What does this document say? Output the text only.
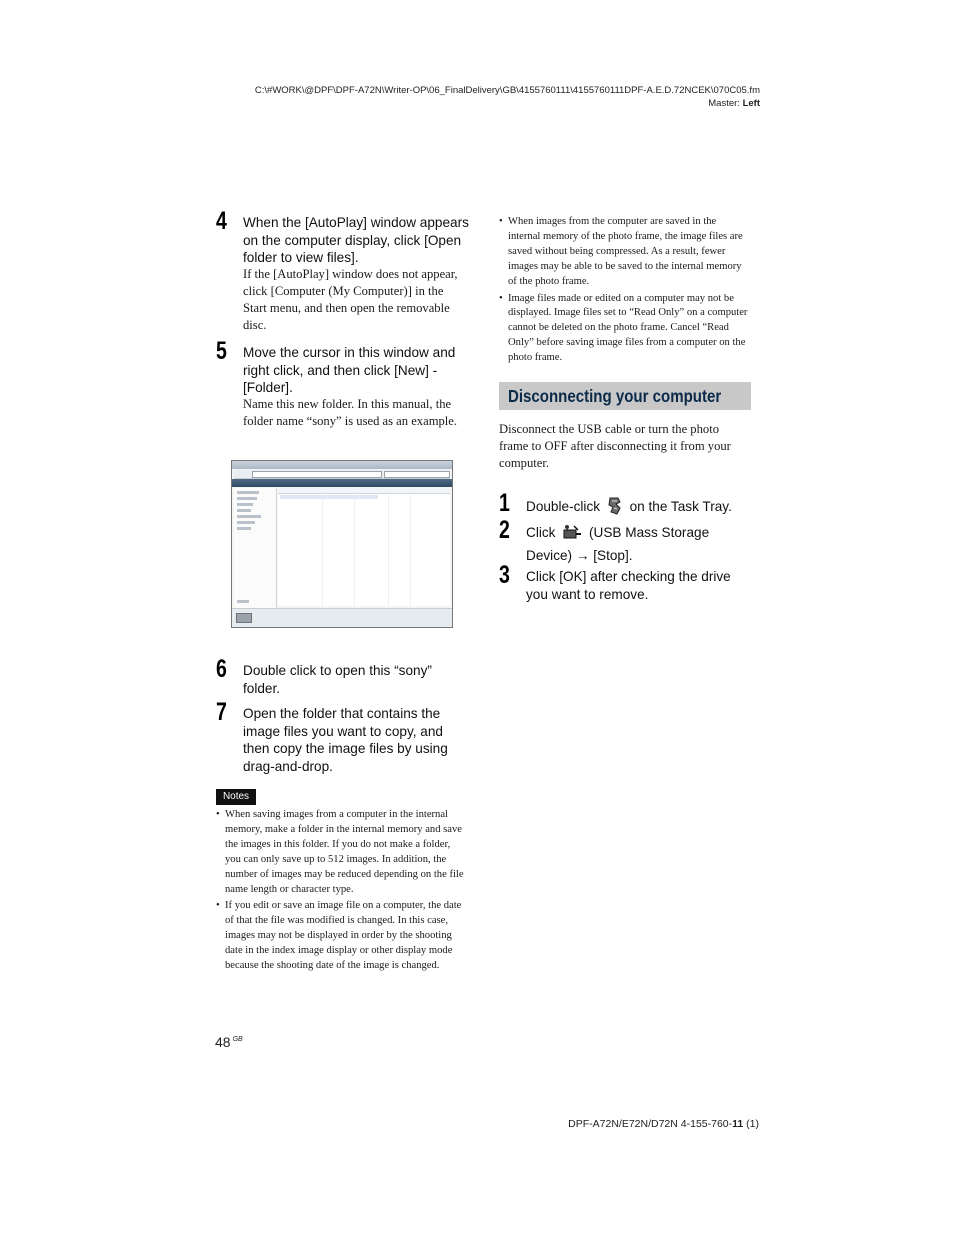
C:\#WORK\@DPF\DPF-A72N\Writer-OP\06_FinalDelivery\GB\4155760111\4155760111DPF-A.E.D.72NCEK\070C05.fm
Master: Left
4 When the [AutoPlay] window appears on the computer display, click [Open folder to view files].
If the [AutoPlay] window does not appear, click [Computer (My Computer)] in the Start menu, and then open the removable disc.
5 Move the cursor in this window and right click, and then click [New] - [Folder].
Name this new folder. In this manual, the folder name “sony” is used as an example.
6 Double click to open this “sony” folder.
7 Open the folder that contains the image files you want to copy, and then copy the image files by using drag-and-drop.
Notes
• When saving images from a computer in the internal memory, make a folder in the internal memory and save the images in this folder. If you do not make a folder, you can only save up to 512 images. In addition, the number of images may be reduced depending on the file name length or character type.
• If you edit or save an image file on a computer, the date of that the file was modified is changed. In this case, images may not be displayed in order by the shooting date in the index image display or other display mode because the shooting date of the image is changed.
• When images from the computer are saved in the internal memory of the photo frame, the image files are saved without being compressed. As a result, fewer images may be able to be saved to the internal memory of the photo frame.
• Image files made or edited on a computer may not be displayed. Image files set to “Read Only” on a computer cannot be deleted on the photo frame. Cancel “Read Only” before saving image files from a computer on the photo frame.
Disconnecting your computer
Disconnect the USB cable or turn the photo frame to OFF after disconnecting it from your computer.
1 Double-click on the Task Tray.
2 Click (USB Mass Storage Device) → [Stop].
3 Click [OK] after checking the drive you want to remove.
48 $^{GB}$
DPF-A72N/E72N/D72N 4-155-760-11 (1)
